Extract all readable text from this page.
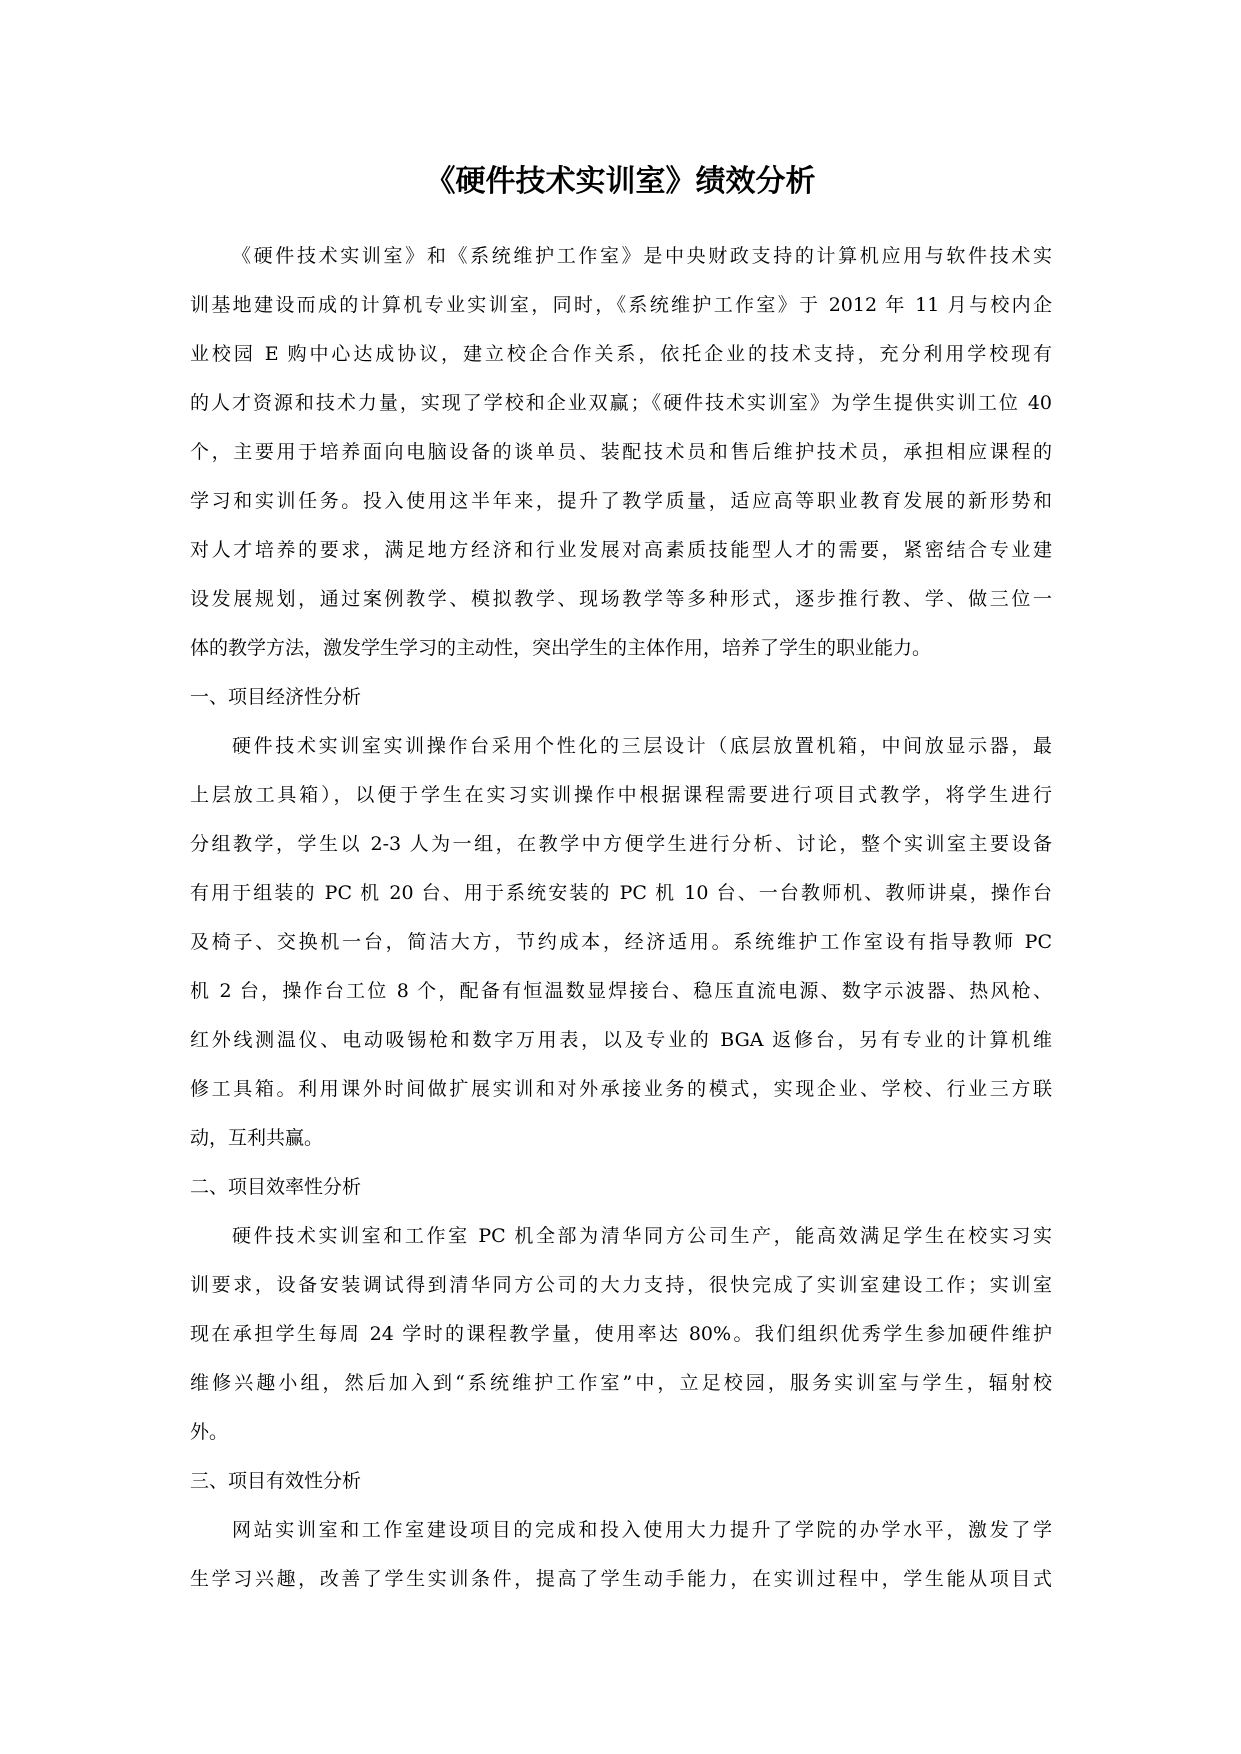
《硬件技术实训室》绩效分析
《硬件技术实训室》和《系统维护工作室》是中央财政支持的计算机应用与软件技术实
训基地建设而成的计算机专业实训室，同时，《系统维护工作室》于 2012 年 11 月与校内企
业校园 E 购中心达成协议，建立校企合作关系，依托企业的技术支持，充分利用学校现有
的人才资源和技术力量，实现了学校和企业双赢；《硬件技术实训室》为学生提供实训工位 40
个，主要用于培养面向电脑设备的谈单员、装配技术员和售后维护技术员，承担相应课程的
学习和实训任务。投入使用这半年来，提升了教学质量，适应高等职业教育发展的新形势和
对人才培养的要求，满足地方经济和行业发展对高素质技能型人才的需要，紧密结合专业建
设发展规划，通过案例教学、模拟教学、现场教学等多种形式，逐步推行教、学、做三位一
体的教学方法，激发学生学习的主动性，突出学生的主体作用，培养了学生的职业能力。
一、项目经济性分析
硬件技术实训室实训操作台采用个性化的三层设计（底层放置机箱，中间放显示器，最
上层放工具箱），以便于学生在实习实训操作中根据课程需要进行项目式教学，将学生进行
分组教学，学生以 2-3 人为一组，在教学中方便学生进行分析、讨论，整个实训室主要设备
有用于组装的 PC 机 20 台、用于系统安装的 PC 机 10 台、一台教师机、教师讲桌，操作台
及椅子、交换机一台，简洁大方，节约成本，经济适用。系统维护工作室设有指导教师 PC
机 2 台，操作台工位 8 个，配备有恒温数显焊接台、稳压直流电源、数字示波器、热风枪、
红外线测温仪、电动吸锡枪和数字万用表，以及专业的 BGA 返修台，另有专业的计算机维
修工具箱。利用课外时间做扩展实训和对外承接业务的模式，实现企业、学校、行业三方联
动，互利共赢。
二、项目效率性分析
硬件技术实训室和工作室 PC 机全部为清华同方公司生产，能高效满足学生在校实习实
训要求，设备安装调试得到清华同方公司的大力支持，很快完成了实训室建设工作；实训室
现在承担学生每周 24 学时的课程教学量，使用率达 80%。我们组织优秀学生参加硬件维护
维修兴趣小组，然后加入到“系统维护工作室”中，立足校园，服务实训室与学生，辐射校
外。
三、项目有效性分析
网站实训室和工作室建设项目的完成和投入使用大力提升了学院的办学水平，激发了学
生学习兴趣，改善了学生实训条件，提高了学生动手能力，在实训过程中，学生能从项目式
